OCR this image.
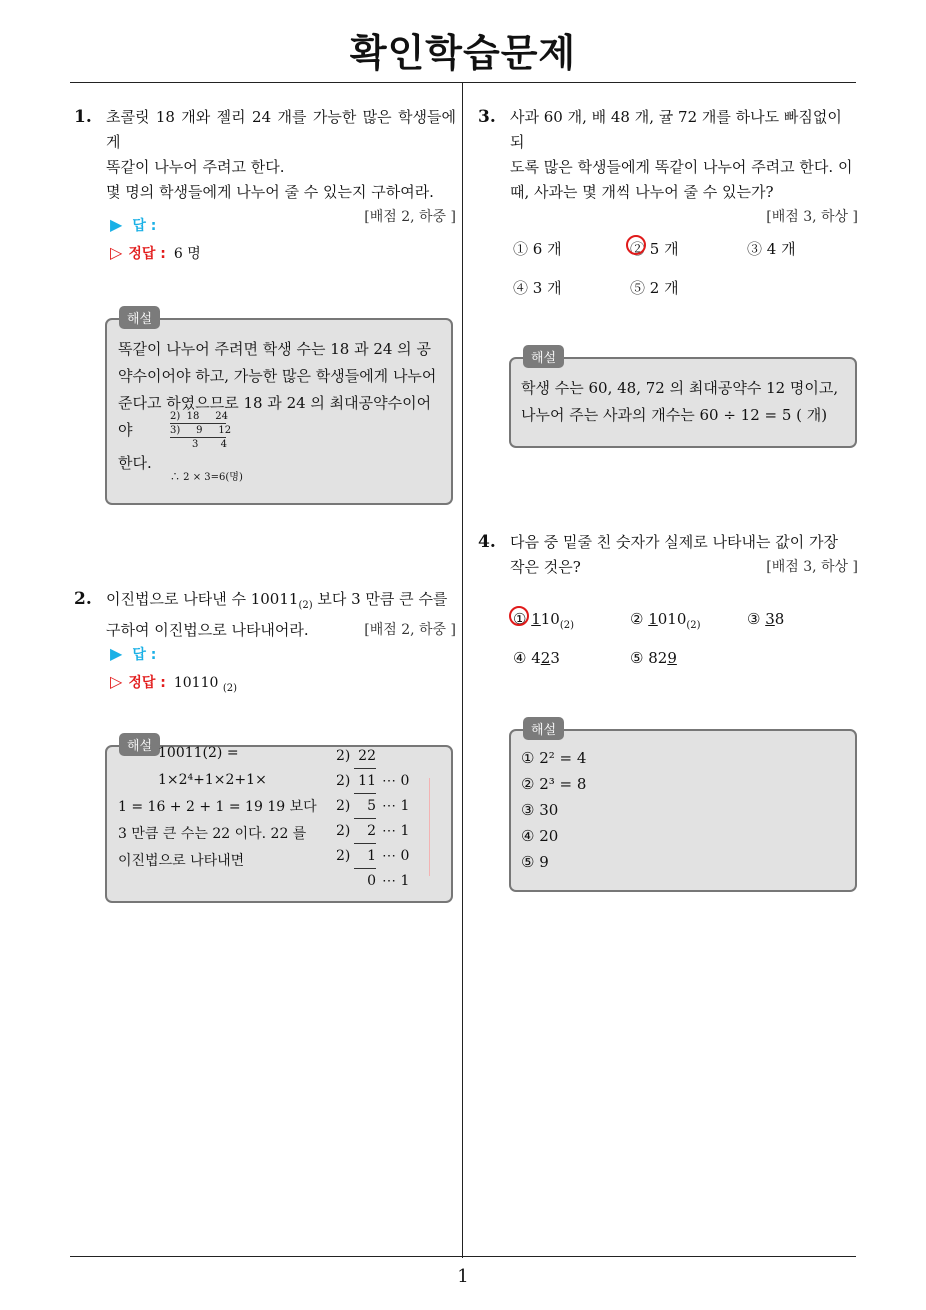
확인학습문제
1
1. 초콜릿 18 개와 젤리 24 개를 가능한 많은 학생들에게
똑같이 나누어 주려고 한다.
몇 명의 학생들에게 나누어 줄 수 있는지 구하여라.
[배점 2, 하중 ]
▶ 답 :
▷ 정답 : 6 명
해설
똑같이 나누어 주려면 학생 수는 18 과 24 의 공
약수이어야 하고, 가능한 많은 학생들에게 나누어
준다고 하였으므로 18 과 24 의 최대공약수이어야
한다.
2)  18     24
3)     9     12
3       4
∴ 2 × 3=6(명)
2. 이진법으로 나타낸 수 $10011_{(2)}$ 보다 3 만큼 큰 수를
구하여 이진법으로 나타내어라.	[배점 2, 하중 ]
▶ 답 :
▷ 정답 : 10110 $_{(2)}$
해설 10011(2) = 1×2⁴+1×2+1×
1 = 16 + 2 + 1 = 19 19 보다
3 만큼 큰 수는 22 이다. 22 를
이진법으로 나타내면
2) 22
2) 11 ⋯ 0
2)	5 ⋯ 1
2)	2 ⋯ 1
2)	1 ⋯ 0
0 ⋯ 1
3. 사과 60 개, 배 48 개, 귤 72 개를 하나도 빠짐없이 되
도록 많은 학생들에게 똑같이 나누어 주려고 한다. 이
때, 사과는 몇 개씩 나누어 줄 수 있는가?
[배점 3, 하상 ]
① 6 개	② 5 개	③ 4 개
④ 3 개	⑤ 2 개
해설
학생 수는 60, 48, 72 의 최대공약수 12 명이고,
나누어 주는 사과의 개수는 60 ÷ 12 = 5 ( 개)
4. 다음 중 밑줄 친 숫자가 실제로 나타내는 값이 가장
작은 것은?	[배점 3, 하상 ]
① $110_{(2)}$	② $1010_{(2)}$	③ 38
④ 423	⑤ 829
해설
① 2² = 4
② 2³ = 8
③ 30
④ 20
⑤ 9
